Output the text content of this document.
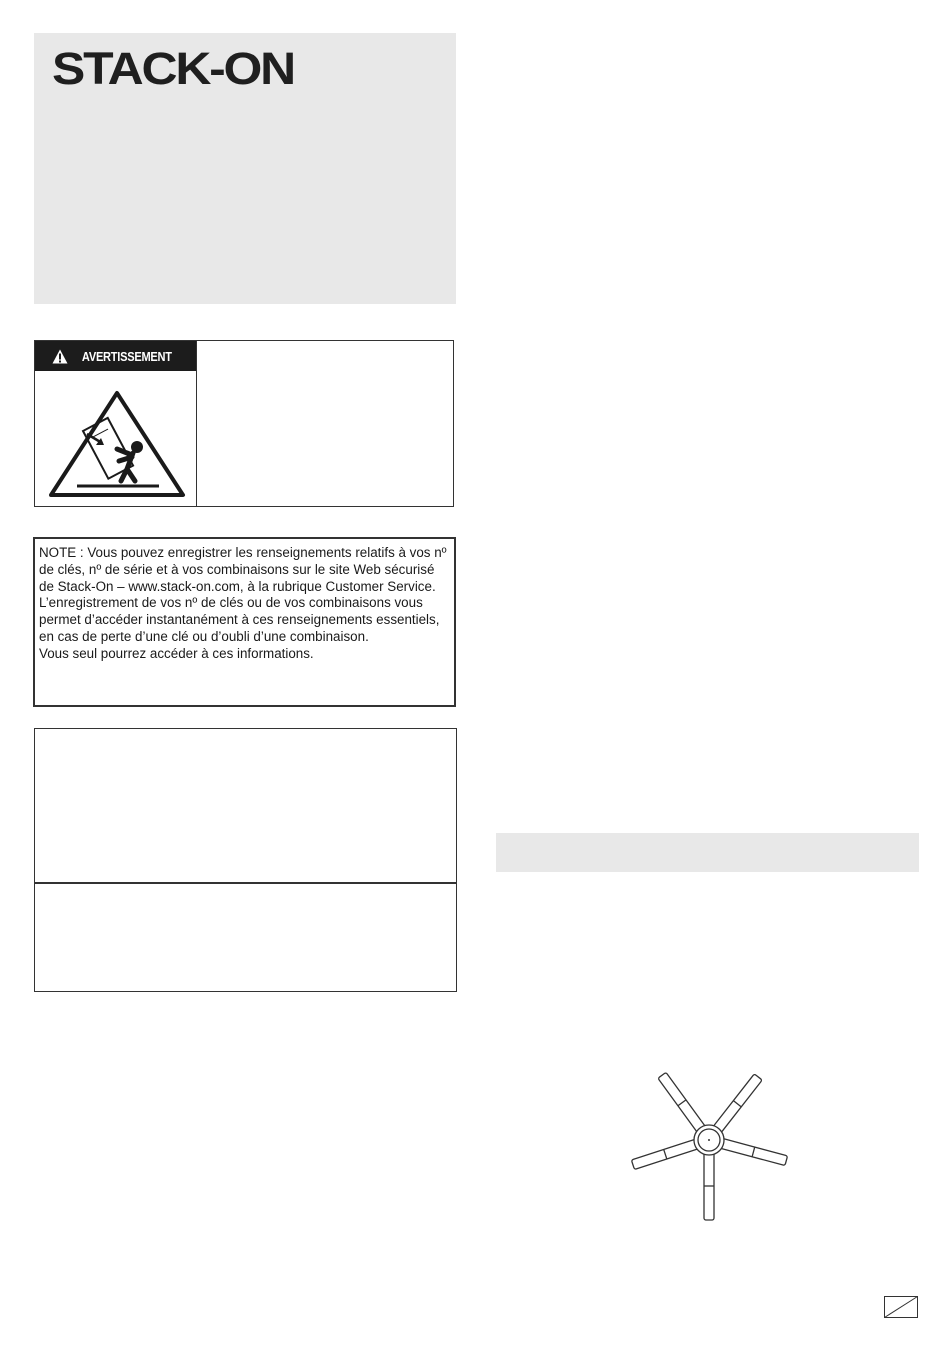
STACK-ON
AVERTISSEMENT

NOTE : Vous pouvez enregistrer les renseignements relatifs à vos nº de clés, nº de série et à vos combinaisons sur le site Web sécurisé de Stack-On – www.stack-on.com, à la rubrique Customer Service.

L’enregistrement de vos nº de clés ou de vos combinaisons vous permet d’accéder instantanément à ces renseignements essentiels, en cas de perte d’une clé ou d’oubli d’une combinaison.

Vous seul pourrez accéder à ces informations.
